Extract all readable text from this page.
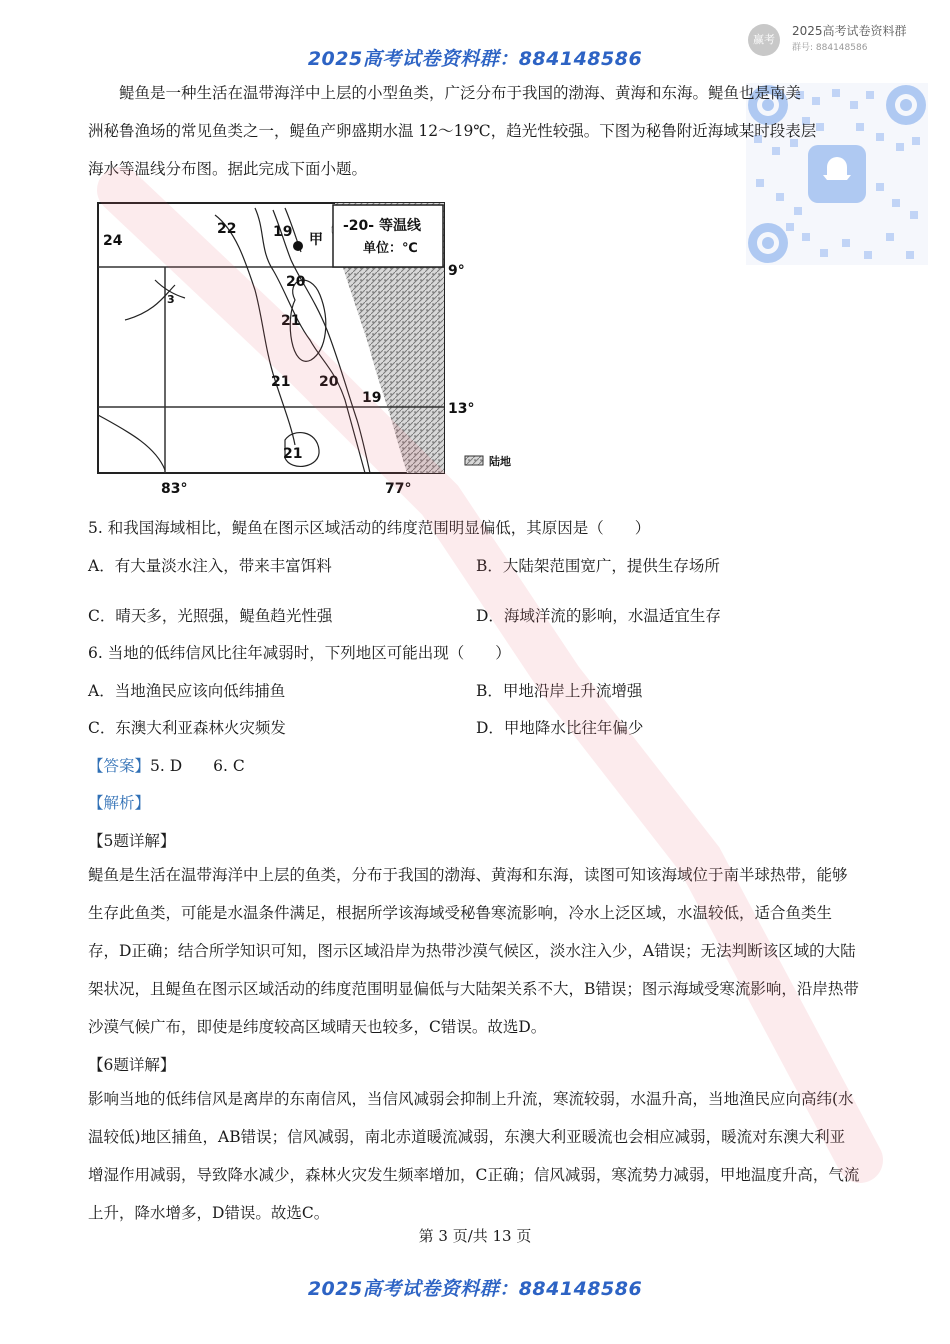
2025高考试卷资料群：884148586
赢考
2025高考试卷资料群
群号: 884148586

鳀鱼是一种生活在温带海洋中上层的小型鱼类，广泛分布于我国的渤海、黄海和东海。鳀鱼也是南美

洲秘鲁渔场的常见鱼类之一，鳀鱼产卵盛期水温 12～19℃，趋光性较强。下图为秘鲁附近海域某时段表层

海水等温线分布图。据此完成下面小题。

-20- 等温线
单位：℃
甲
24
22	19
20
21
21 20
19
21
3
9°
13°
83°	77°
陆地
5. 和我国海域相比，鳀鱼在图示区域活动的纬度范围明显偏低，其原因是（　　）
A．有大量淡水注入，带来丰富饵料	B．大陆架范围宽广，提供生存场所
C．晴天多，光照强，鳀鱼趋光性强	D．海域洋流的影响，水温适宜生存
6. 当地的低纬信风比往年减弱时，下列地区可能出现（　　）
A．当地渔民应该向低纬捕鱼	B．甲地沿岸上升流增强
C．东澳大利亚森林火灾频发	D．甲地降水比往年偏少
【答案】5. D　　6. C
【解析】
【5题详解】

鳀鱼是生活在温带海洋中上层的鱼类，分布于我国的渤海、黄海和东海，读图可知该海域位于南半球热带，能够生存此鱼类，可能是水温条件满足，根据所学该海域受秘鲁寒流影响，冷水上泛区域，水温较低，适合鱼类生存，D正确；结合所学知识可知，图示区域沿岸为热带沙漠气候区，淡水注入少，A错误；无法判断该区域的大陆架状况，且鳀鱼在图示区域活动的纬度范围明显偏低与大陆架关系不大，B错误；图示海域受寒流影响，沿岸热带沙漠气候广布，即使是纬度较高区域晴天也较多，C错误。故选D。

【6题详解】

影响当地的低纬信风是离岸的东南信风，当信风减弱会抑制上升流，寒流较弱，水温升高，当地渔民应向高纬(水温较低)地区捕鱼，AB错误；信风减弱，南北赤道暖流减弱，东澳大利亚暖流也会相应减弱，暖流对东澳大利亚增湿作用减弱，导致降水减少，森林火灾发生频率增加，C正确；信风减弱，寒流势力减弱，甲地温度升高，气流上升，降水增多，D错误。故选C。

第 3 页/共 13 页
2025高考试卷资料群：884148586
